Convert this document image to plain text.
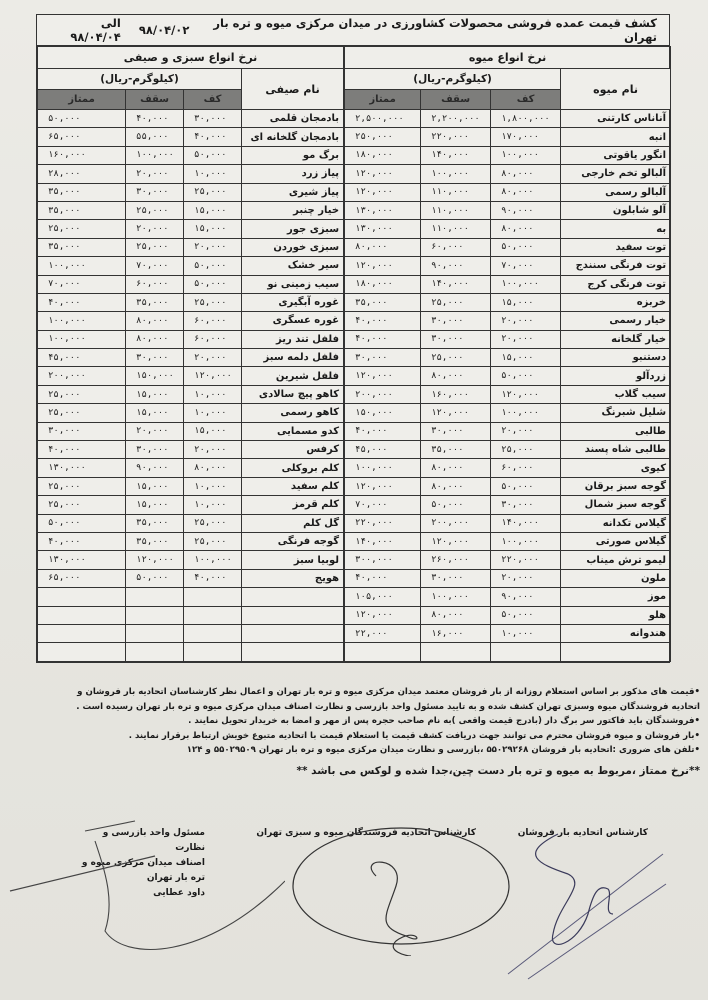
کشف قیمت عمده فروشی محصولات کشاورزی در میدان مرکزی میوه و تره بار تهران

۹۸/۰۴/۰۲
الی ۹۸/۰۴/۰۴
نرخ انواع سبزی و صیفی			
نام صیفی	(کیلوگرم-ریال)		
	کف	سقف	ممتاز
بادمجان قلمی	۳۰,۰۰۰	۴۰,۰۰۰	۵۰,۰۰۰
بادمجان گلخانه ای	۴۰,۰۰۰	۵۵,۰۰۰	۶۵,۰۰۰
برگ مو	۵۰,۰۰۰	۱۰۰,۰۰۰	۱۶۰,۰۰۰
پیاز زرد	۱۰,۰۰۰	۲۰,۰۰۰	۲۸,۰۰۰
پیاز شیری	۲۵,۰۰۰	۳۰,۰۰۰	۳۵,۰۰۰
خیار چنبر	۱۵,۰۰۰	۲۵,۰۰۰	۳۵,۰۰۰
سبزی جور	۱۵,۰۰۰	۲۰,۰۰۰	۲۵,۰۰۰
سبزی خوردن	۲۰,۰۰۰	۲۵,۰۰۰	۳۵,۰۰۰
سیر خشک	۵۰,۰۰۰	۷۰,۰۰۰	۱۰۰,۰۰۰
سیب زمینی نو	۵۰,۰۰۰	۶۰,۰۰۰	۷۰,۰۰۰
غوره آبگیری	۲۵,۰۰۰	۳۵,۰۰۰	۴۰,۰۰۰
غوره عسگری	۶۰,۰۰۰	۸۰,۰۰۰	۱۰۰,۰۰۰
فلفل تند ریز	۶۰,۰۰۰	۸۰,۰۰۰	۱۰۰,۰۰۰
فلفل دلمه سبز	۲۰,۰۰۰	۳۰,۰۰۰	۴۵,۰۰۰
فلفل شیرین	۱۲۰,۰۰۰	۱۵۰,۰۰۰	۲۰۰,۰۰۰
کاهو پیچ سالادی	۱۰,۰۰۰	۱۵,۰۰۰	۲۵,۰۰۰
کاهو رسمی	۱۰,۰۰۰	۱۵,۰۰۰	۲۵,۰۰۰
کدو مسمایی	۱۵,۰۰۰	۲۰,۰۰۰	۳۰,۰۰۰
کرفس	۲۰,۰۰۰	۳۰,۰۰۰	۴۰,۰۰۰
کلم بروکلی	۸۰,۰۰۰	۹۰,۰۰۰	۱۳۰,۰۰۰
کلم سفید	۱۰,۰۰۰	۱۵,۰۰۰	۲۵,۰۰۰
کلم قرمز	۱۰,۰۰۰	۱۵,۰۰۰	۲۵,۰۰۰
گل کلم	۲۵,۰۰۰	۳۵,۰۰۰	۵۰,۰۰۰
گوجه فرنگی	۲۵,۰۰۰	۳۵,۰۰۰	۴۰,۰۰۰
لوبیا سبز	۱۰۰,۰۰۰	۱۲۰,۰۰۰	۱۳۰,۰۰۰
هویج	۴۰,۰۰۰	۵۰,۰۰۰	۶۵,۰۰۰

نرخ انواع میوه			
نام میوه	(کیلوگرم-ریال)		
	کف	سقف	ممتاز
آناناس کارتنی	۱,۸۰۰,۰۰۰	۲,۲۰۰,۰۰۰	۲,۵۰۰,۰۰۰
انبه	۱۷۰,۰۰۰	۲۲۰,۰۰۰	۲۵۰,۰۰۰
انگور یاقوتی	۱۰۰,۰۰۰	۱۴۰,۰۰۰	۱۸۰,۰۰۰
آلبالو تخم خارجی	۸۰,۰۰۰	۱۰۰,۰۰۰	۱۲۰,۰۰۰
آلبالو رسمی	۸۰,۰۰۰	۱۱۰,۰۰۰	۱۲۰,۰۰۰
آلو شابلون	۹۰,۰۰۰	۱۱۰,۰۰۰	۱۳۰,۰۰۰
به	۸۰,۰۰۰	۱۱۰,۰۰۰	۱۳۰,۰۰۰
توت سفید	۵۰,۰۰۰	۶۰,۰۰۰	۸۰,۰۰۰
توت فرنگی سنندج	۷۰,۰۰۰	۹۰,۰۰۰	۱۲۰,۰۰۰
توت فرنگی کرج	۱۰۰,۰۰۰	۱۴۰,۰۰۰	۱۸۰,۰۰۰
خربزه	۱۵,۰۰۰	۲۵,۰۰۰	۳۵,۰۰۰
خیار رسمی	۲۰,۰۰۰	۳۰,۰۰۰	۴۰,۰۰۰
خیار گلخانه	۲۰,۰۰۰	۳۰,۰۰۰	۴۰,۰۰۰
دستنبو	۱۵,۰۰۰	۲۵,۰۰۰	۳۰,۰۰۰
زردآلو	۵۰,۰۰۰	۸۰,۰۰۰	۱۲۰,۰۰۰
سیب گلاب	۱۲۰,۰۰۰	۱۶۰,۰۰۰	۲۰۰,۰۰۰
شلیل شبرنگ	۱۰۰,۰۰۰	۱۲۰,۰۰۰	۱۵۰,۰۰۰
طالبی	۲۰,۰۰۰	۳۰,۰۰۰	۴۰,۰۰۰
طالبی شاه پسند	۲۵,۰۰۰	۳۵,۰۰۰	۴۵,۰۰۰
کیوی	۶۰,۰۰۰	۸۰,۰۰۰	۱۰۰,۰۰۰
گوجه سبز برقان	۵۰,۰۰۰	۸۰,۰۰۰	۱۲۰,۰۰۰
گوجه سبز شمال	۳۰,۰۰۰	۵۰,۰۰۰	۷۰,۰۰۰
گیلاس تکدانه	۱۴۰,۰۰۰	۲۰۰,۰۰۰	۲۲۰,۰۰۰
گیلاس صورتی	۱۰۰,۰۰۰	۱۲۰,۰۰۰	۱۴۰,۰۰۰
لیمو ترش میناب	۲۲۰,۰۰۰	۲۶۰,۰۰۰	۳۰۰,۰۰۰
ملون	۲۰,۰۰۰	۳۰,۰۰۰	۴۰,۰۰۰
موز	۹۰,۰۰۰	۱۰۰,۰۰۰	۱۰۵,۰۰۰
هلو	۵۰,۰۰۰	۸۰,۰۰۰	۱۲۰,۰۰۰
هندوانه	۱۰,۰۰۰	۱۶,۰۰۰	۲۲,۰۰۰

•قیمت های مذکور بر اساس استعلام روزانه از بار فروشان معتمد میدان مرکزی میوه و تره بار تهران و اعمال نظر کارشناسان اتحادیه بار فروشان و اتحادیه فروشندگان میوه وسبزی تهران کشف شده و به تایید مسئول واحد بازرسی و نظارت اصناف میدان مرکزی میوه و تره بار تهران رسیده است .

•فروشندگان باید فاکتور سر برگ دار (بادرج قیمت واقعی )به نام صاحب حجره پس از مهر و امضا به خریدار تحویل نمایند .

•بار فروشان و میوه فروشان محترم می توانند جهت دریافت کشف قیمت یا استعلام قیمت با اتحادیه متبوع خویش ارتباط برقرار نمایند .

•تلفن های ضروری :اتحادیه بار فروشان ۵۵۰۲۹۲۶۸ ،بازرسی و نظارت میدان مرکزی میوه و تره بار تهران ۵۵۰۲۹۵۰۹ و ۱۲۴

**نرخ ممتاز ،مربوط به میوه و تره بار دست چین،جدا شده و لوکس می باشد **

کارشناس اتحادیه بار فروشان
کارشناس اتحادیه فروشندگان میوه و سبزی تهران
مسئول واحد بازرسی و نظارت
اصناف میدان مرکزی میوه و تره بار تهران
داود عطایی
